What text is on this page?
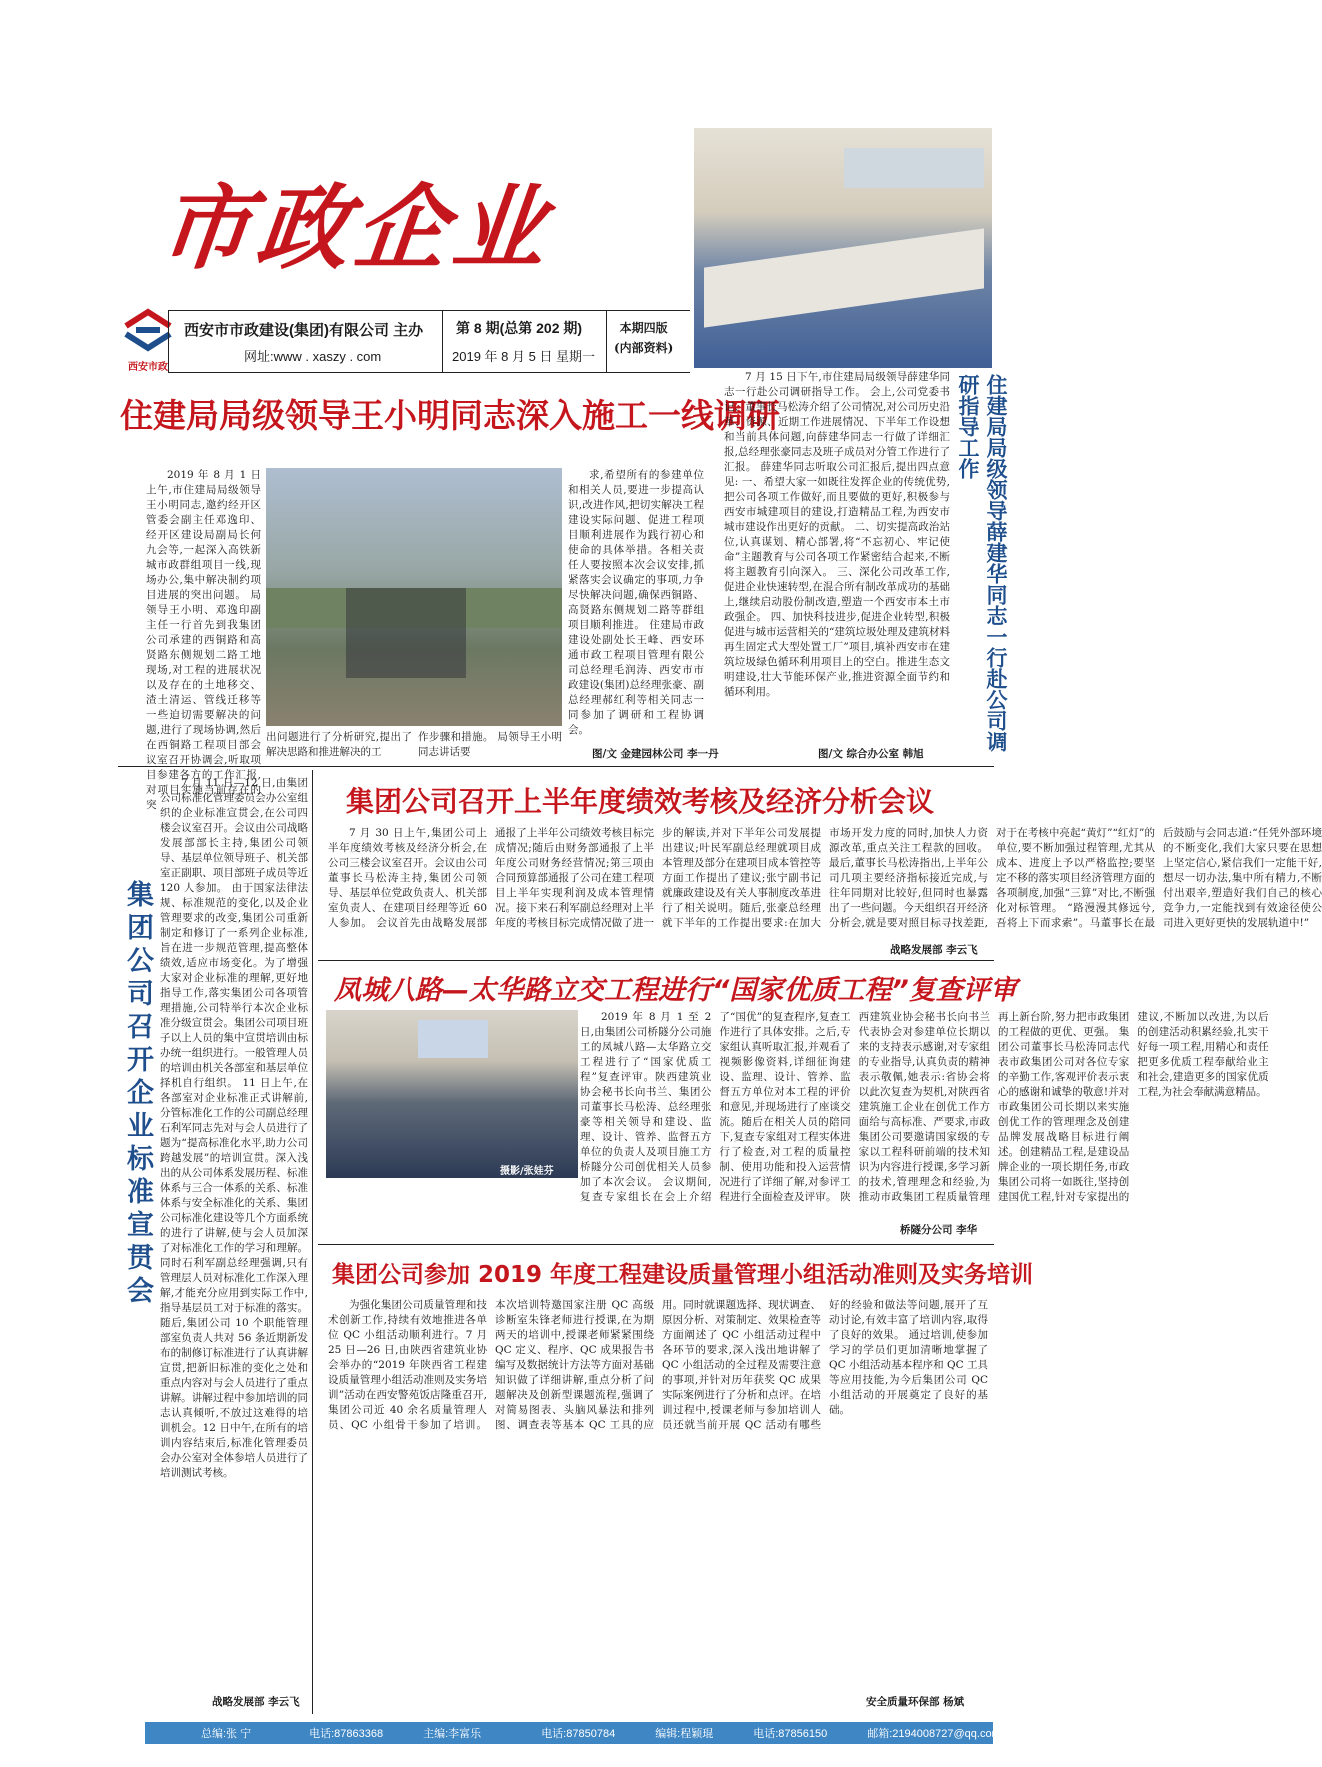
市政企业
西安市政
西安市市政建设(集团)有限公司 主办
网址:www . xaszy . com
第 8 期(总第 202 期)
2019 年 8 月 5 日 星期一
本期四版
(内部资料)
住建局局级领导王小明同志深入施工一线调研
2019 年 8 月 1 日上午,市住建局局级领导王小明同志,邀约经开区管委会副主任邓逸印、经开区建设局副局长何九会等,一起深入高铁新城市政群组项目一线,现场办公,集中解决制约项目进展的突出问题。 局领导王小明、邓逸印副主任一行首先到我集团公司承建的西铜路和高贤路东侧规划二路工地现场,对工程的进展状况以及存在的土地移交、渣土清运、管线迁移等一些迫切需要解决的问题,进行了现场协调,然后在西铜路工程项目部会议室召开协调会,听取项目参建各方的工作汇报,对项目实施当前存在的突
出问题进行了分析研究,提出了解决思路和推进解决的工
作步骤和措施。 局领导王小明同志讲话要
求,希望所有的参建单位和相关人员,要进一步提高认识,改进作风,把切实解决工程建设实际问题、促进工程项目顺利进展作为践行初心和使命的具体举措。各相关责任人要按照本次会议安排,抓紧落实会议确定的事项,力争尽快解决问题,确保西铜路、高贤路东侧规划二路等群组项目顺利推进。 住建局市政建设处副处长王峰、西安环通市政工程项目管理有限公司总经理毛润涛、西安市市政建设(集团)总经理张豪、副总经理郝红利等相关同志一同参加了调研和工程协调会。
图/文 金建园林公司 李一丹
7 月 15 日下午,市住建局局级领导薛建华同志一行赴公司调研指导工作。 会上,公司党委书记、董事长马松涛介绍了公司情况,对公司历史沿革、资源、近期工作进展情况、下半年工作设想和当前具体问题,向薛建华同志一行做了详细汇报,总经理张豪同志及班子成员对分管工作进行了汇报。 薛建华同志听取公司汇报后,提出四点意见: 一、希望大家一如既往发挥企业的传统优势,把公司各项工作做好,而且要做的更好,积极参与西安市城建项目的建设,打造精品工程,为西安市城市建设作出更好的贡献。 二、切实提高政治站位,认真谋划、精心部署,将“不忘初心、牢记使命”主题教育与公司各项工作紧密结合起来,不断将主题教育引向深入。 三、深化公司改革工作,促进企业快速转型,在混合所有制改革成功的基础上,继续启动股份制改造,塑造一个西安市本土市政强企。 四、加快科技进步,促进企业转型,积极促进与城市运营相关的“建筑垃圾处理及建筑材料再生固定式大型处置工厂”项目,填补西安市在建筑垃圾绿色循环利用项目上的空白。推进生态文明建设,壮大节能环保产业,推进资源全面节约和循环利用。
图/文 综合办公室 韩旭
住建局局级领导薛建华同志一行赴公司调研指导工作
集团公司召开企业标准宣贯会
7 月 11 日—12 日,由集团公司标准化管理委员会办公室组织的企业标准宣贯会,在公司四楼会议室召开。会议由公司战略发展部部长主持,集团公司领导、基层单位领导班子、机关部室正副职、项目部班子成员等近 120 人参加。 由于国家法律法规、标准规范的变化,以及企业管理要求的改变,集团公司重新制定和修订了一系列企业标准,旨在进一步规范管理,提高整体绩效,适应市场变化。为了增强大家对企业标准的理解,更好地指导工作,落实集团公司各项管理措施,公司特举行本次企业标准分级宣贯会。集团公司项目班子以上人员的集中宣贯培训由标办统一组织进行。一般管理人员的培训由机关各部室和基层单位择机自行组织。 11 日上午,在各部室对企业标准正式讲解前,分管标准化工作的公司副总经理石利军同志先对与会人员进行了题为“提高标准化水平,助力公司跨越发展”的培训宣贯。深入浅出的从公司体系发展历程、标准体系与三合一体系的关系、标准体系与安全标准化的关系、集团公司标准化建设等几个方面系统的进行了讲解,使与会人员加深了对标准化工作的学习和理解。同时石利军副总经理强调,只有管理层人员对标准化工作深入理解,才能充分应用到实际工作中,指导基层员工对于标准的落实。 随后,集团公司 10 个职能管理部室负责人共对 56 条近期新发布的制修订标准进行了认真讲解宣贯,把新旧标准的变化之处和重点内容对与会人员进行了重点讲解。讲解过程中参加培训的同志认真倾听,不放过这难得的培训机会。12 日中午,在所有的培训内容结束后,标准化管理委员会办公室对全体参培人员进行了培训测试考核。
战略发展部 李云飞
集团公司召开上半年度绩效考核及经济分析会议
7 月 30 日上午,集团公司上半年度绩效考核及经济分析会,在公司三楼会议室召开。会议由公司董事长马松涛主持,集团公司领导、基层单位党政负责人、机关部室负责人、在建项目经理等近 60 人参加。 会议首先由战略发展部通报了上半年公司绩效考核目标完成情况;随后由财务部通报了上半年度公司财务经营情况;第三项由合同预算部通报了公司在建工程项目上半年实现利润及成本管理情况。接下来石利军副总经理对上半年度的考核目标完成情况做了进一步的解读,并对下半年公司发展提出建议;叶民军副总经理就项目成本管理及部分在建项目成本管控等方面工作提出了建议;张宁副书记就廉政建设及有关人事制度改革进行了相关说明。随后,张豪总经理就下半年的工作提出要求:在加大市场开发力度的同时,加快人力资源改革,重点关注工程款的回收。 最后,董事长马松涛指出,上半年公司几项主要经济指标接近完成,与往年同期对比较好,但同时也暴露出了一些问题。今天组织召开经济分析会,就是要对照目标寻找差距,对于在考核中亮起“黄灯”“红灯”的单位,要不断加强过程管理,尤其从成本、进度上予以严格监控;要坚定不移的落实项目经济管理方面的各项制度,加强“三算”对比,不断强化对标管理。 “路漫漫其修远兮,吾将上下而求索”。马董事长在最后鼓励与会同志道:“任凭外部环境的不断变化,我们大家只要在思想上坚定信心,紧信我们一定能干好,想尽一切办法,集中所有精力,不断付出艰辛,塑造好我们自己的核心竞争力,一定能找到有效途径使公司进入更好更快的发展轨道中!”
战略发展部 李云飞
凤城八路—太华路立交工程进行“国家优质工程”复查评审
摄影/张娃芬
2019 年 8 月 1 至 2 日,由集团公司桥隧分公司施工的凤城八路—太华路立交工程进行了“国家优质工程”复查评审。陕西建筑业协会秘书长向书兰、集团公司董事长马松涛、总经理张豪等相关领导和建设、监理、设计、管养、监督五方单位的负责人及项目施工方桥隧分公司创优相关人员参加了本次会议。 会议期间,复查专家组长在会上介绍了“国优”的复查程序,复查工作进行了具体安排。之后,专家组认真听取汇报,并观看了视频影像资料,详细征询建设、监理、设计、管养、监督五方单位对本工程的评价和意见,并现场进行了座谈交流。随后在相关人员的陪同下,复查专家组对工程实体进行了检查,对工程的质量控制、使用功能和投入运营情况进行了详细了解,对参评工程进行全面检查及评审。 陕西建筑业协会秘书长向书兰代表协会对参建单位长期以来的支持表示感谢,对专家组的专业指导,认真负责的精神表示敬佩,她表示:省协会将以此次复查为契机,对陕西省建筑施工企业在创优工作方面给与高标准、严要求,市政集团公司要邀请国家级的专家以工程科研前端的技术知识为内容进行授课,多学习新的技术,管理理念和经验,为推动市政集团工程质量管理再上新台阶,努力把市政集团的工程做的更优、更强。 集团公司董事长马松涛同志代表市政集团公司对各位专家的辛勤工作,客观评价表示衷心的感谢和诚挚的敬意!并对市政集团公司长期以来实施创优工作的管理理念及创建品牌发展战略目标进行阐述。创建精品工程,是建设品牌企业的一项长期任务,市政集团公司将一如既往,坚持创建国优工程,针对专家提出的建议,不断加以改进,为以后的创建活动积累经验,扎实干好每一项工程,用精心和责任把更多优质工程奉献给业主和社会,建造更多的国家优质工程,为社会奉献满意精品。
桥隧分公司 李华
集团公司参加 2019 年度工程建设质量管理小组活动准则及实务培训
为强化集团公司质量管理和技术创新工作,持续有效地推进各单位 QC 小组活动顺利进行。7 月 25 日—26 日,由陕西省建筑业协会举办的“2019 年陕西省工程建设质量管理小组活动准则及实务培训”活动在西安警苑饭店隆重召开,集团公司近 40 余名质量管理人员、QC 小组骨干参加了培训。 本次培训特邀国家注册 QC 高级诊断室朱锋老师进行授课,在为期两天的培训中,授课老师紧紧围绕 QC 定义、程序、QC 成果报告书编写及数据统计方法等方面对基础知识做了详细讲解,重点分析了问题解决及创新型课题流程,强调了对简易图表、头脑风暴法和排列图、调查表等基本 QC 工具的应用。同时就课题选择、现状调查、原因分析、对策制定、效果检查等方面阐述了 QC 小组活动过程中各环节的要求,深入浅出地讲解了 QC 小组活动的全过程及需要注意的事项,并针对历年获奖 QC 成果实际案例进行了分析和点评。在培训过程中,授课老师与参加培训人员还就当前开展 QC 活动有哪些好的经验和做法等问题,展开了互动讨论,有效丰富了培训内容,取得了良好的效果。 通过培训,使参加学习的学员们更加清晰地掌握了 QC 小组活动基本程序和 QC 工具等应用技能,为今后集团公司 QC 小组活动的开展奠定了良好的基础。
安全质量环保部 杨斌
总编:张 宁	电话:87863368	主编:李富乐	电话:87850784	编辑:程颖琨	电话:87856150	邮箱:2194008727@qq.com
